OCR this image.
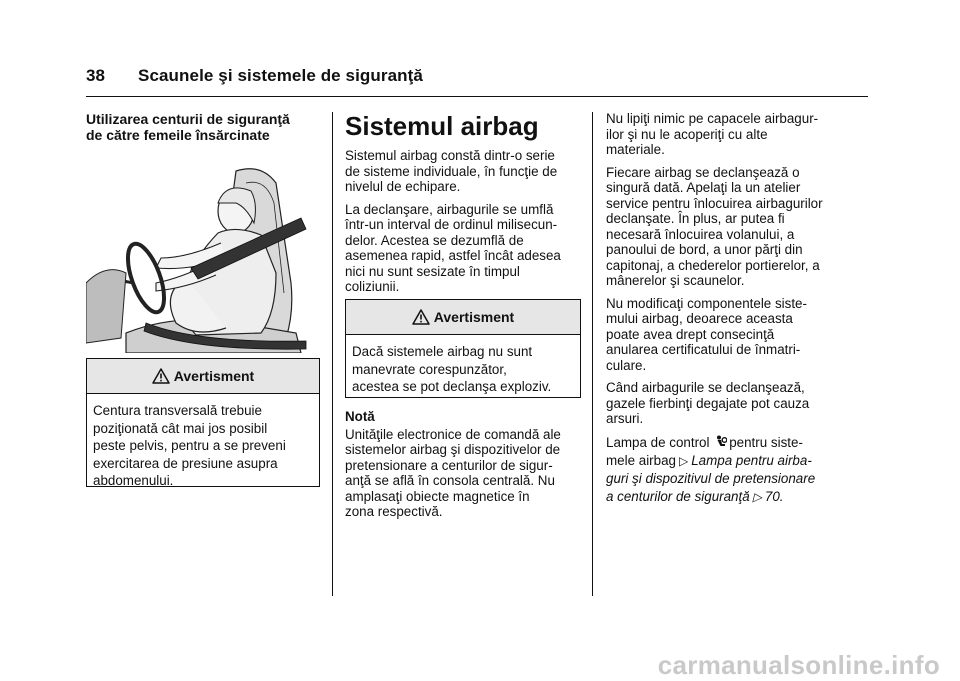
38 Scaunele şi sistemele de siguranţă
Utilizarea centurii de siguranţă
de către femeile însărcinate
Avertisment
Centura transversală trebuie
poziţionată cât mai jos posibil
peste pelvis, pentru a se preveni
exercitarea de presiune asupra
abdomenului.
Sistemul airbag

Sistemul airbag constă dintr-o serie
de sisteme individuale, în funcţie de
nivelul de echipare.

La declanşare, airbagurile se umflă
într-un interval de ordinul milisecun-
delor. Acestea se dezumflă de
asemenea rapid, astfel încât adesea
nici nu sunt sesizate în timpul
coliziunii.

Avertisment
Dacă sistemele airbag nu sunt
manevrate corespunzător,
acestea se pot declanşa exploziv.
Notă

Unităţile electronice de comandă ale
sistemelor airbag şi dispozitivelor de
pretensionare a centurilor de sigur-
anţă se află în consola centrală. Nu
amplasaţi obiecte magnetice în
zona respectivă.

Nu lipiţi nimic pe capacele airbagur-
ilor şi nu le acoperiţi cu alte
materiale.

Fiecare airbag se declanşează o
singură dată. Apelaţi la un atelier
service pentru înlocuirea airbagurilor
declanşate. În plus, ar putea fi
necesară înlocuirea volanului, a
panoului de bord, a unor părţi din
capitonaj, a chederelor portierelor, a
mânerelor şi scaunelor.

Nu modificaţi componentele siste-
mului airbag, deoarece aceasta
poate avea drept consecinţă
anularea certificatului de înmatri-
culare.

Când airbagurile se declanşează,
gazele fierbinţi degajate pot cauza
arsuri.

Lampa de control pentru siste-
mele airbag ▷ Lampa pentru airba-
guri şi dispozitivul de pretensionare
a centurilor de siguranţă ▷ 70.

carmanualsonline.info
